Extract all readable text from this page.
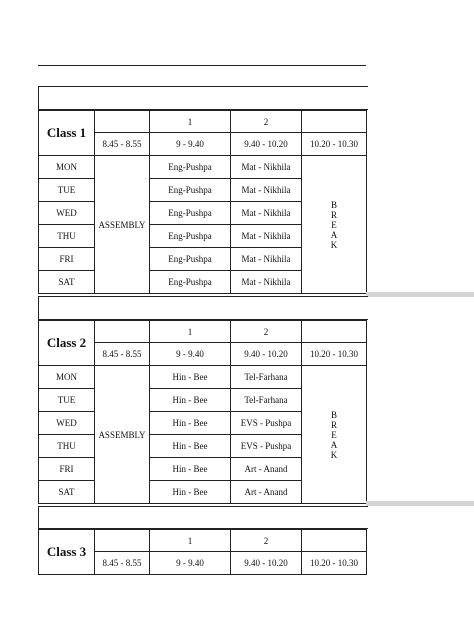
Class 1		1	2	
	8.45 - 8.55	9 - 9.40	9.40 - 10.20	10.20 - 10.30
MON	ASSEMBLY	Eng-Pushpa	Mat - Nikhila	B
R
E
A
K

TUE		Eng-Pushpa	Mat - Nikhila	
WED		Eng-Pushpa	Mat - Nikhila	
THU		Eng-Pushpa	Mat - Nikhila	
FRI		Eng-Pushpa	Mat - Nikhila	
SAT		Eng-Pushpa	Mat - Nikhila	
Class 2		1	2	
	8.45 - 8.55	9 - 9.40	9.40 - 10.20	10.20 - 10.30
MON	ASSEMBLY	Hin - Bee	Tel-Farhana	B
R
E
A
K

TUE		Hin - Bee	Tel-Farhana	
WED		Hin - Bee	EVS - Pushpa	
THU		Hin - Bee	EVS - Pushpa	
FRI		Hin - Bee	Art - Anand	
SAT		Hin - Bee	Art - Anand	
Class 3		1	2	
	8.45 - 8.55	9 - 9.40	9.40 - 10.20	10.20 - 10.30
